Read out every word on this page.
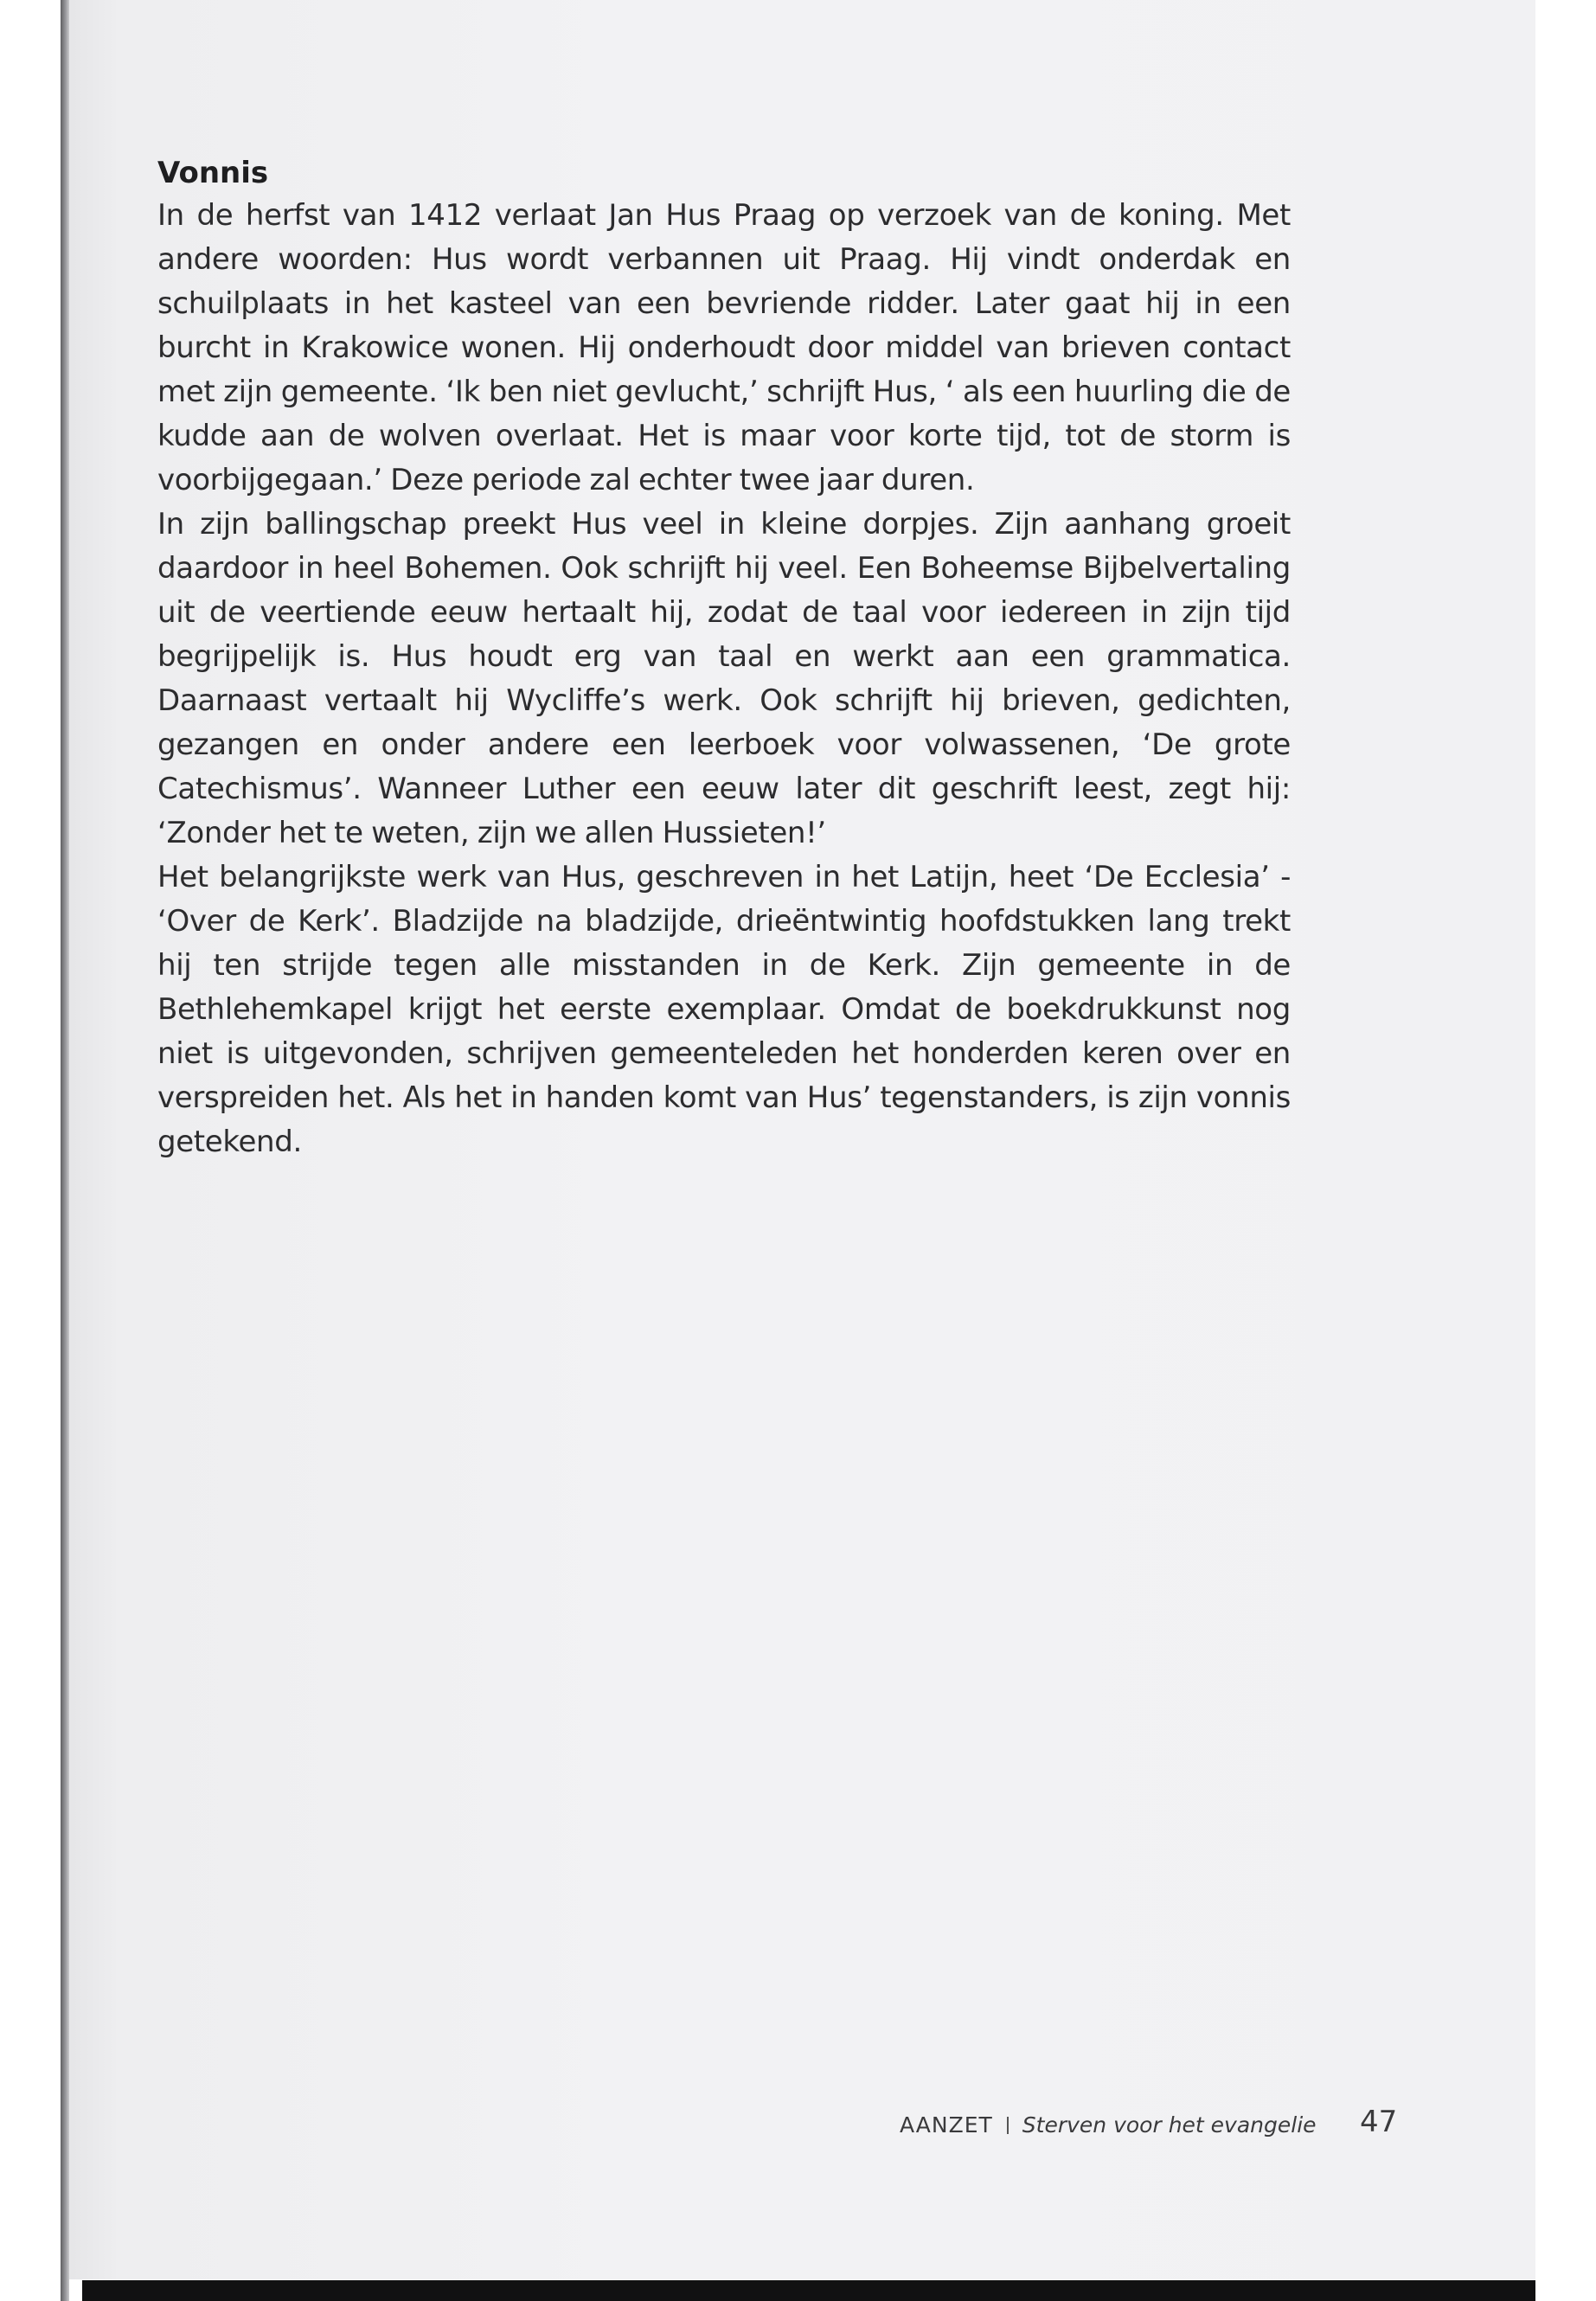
Vonnis

In de herfst van 1412 verlaat Jan Hus Praag op verzoek van de koning. Met andere woorden: Hus wordt verbannen uit Praag. Hij vindt onderdak en schuilplaats in het kasteel van een bevriende ridder. Later gaat hij in een burcht in Krakowice wonen. Hij onderhoudt door middel van brieven contact met zijn gemeente. ‘Ik ben niet gevlucht,’ schrijft Hus, ‘ als een huurling die de kudde aan de wolven overlaat. Het is maar voor korte tijd, tot de storm is voorbijgegaan.’ Deze periode zal echter twee jaar duren.

In zijn ballingschap preekt Hus veel in kleine dorpjes. Zijn aanhang groeit daardoor in heel Bohemen. Ook schrijft hij veel. Een Boheemse Bijbelvertaling uit de veertiende eeuw hertaalt hij, zodat de taal voor iedereen in zijn tijd begrijpelijk is. Hus houdt erg van taal en werkt aan een grammatica. Daarnaast vertaalt hij Wycliffe’s werk. Ook schrijft hij brieven, gedichten, gezangen en onder andere een leerboek voor volwassenen, ‘De grote Catechismus’. Wanneer Luther een eeuw later dit geschrift leest, zegt hij: ‘Zonder het te weten, zijn we allen Hussieten!’

Het belangrijkste werk van Hus, geschreven in het Latijn, heet ‘De Ecclesia’ - ‘Over de Kerk’. Bladzijde na bladzijde, drieëntwintig hoofdstukken lang trekt hij ten strijde tegen alle misstanden in de Kerk. Zijn gemeente in de Bethlehemkapel krijgt het eerste exemplaar. Omdat de boekdrukkunst nog niet is uitgevonden, schrijven gemeenteleden het honderden keren over en verspreiden het. Als het in handen komt van Hus’ tegenstanders, is zijn vonnis getekend.

AANZET Sterven voor het evangelie 47
